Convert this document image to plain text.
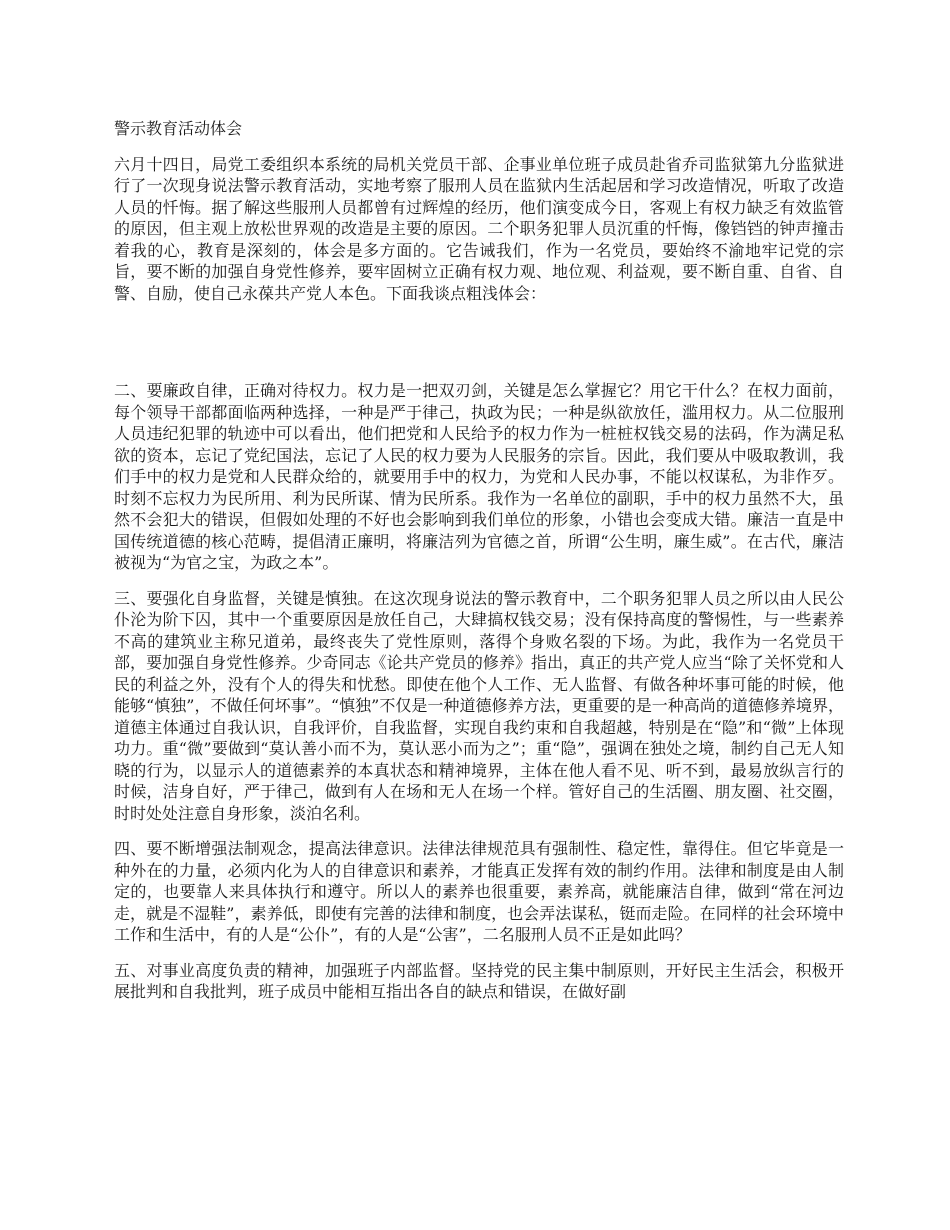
警示教育活动体会

六月十四日，局党工委组织本系统的局机关党员干部、企事业单位班子成员赴省乔司监狱第九分监狱进行了一次现身说法警示教育活动，实地考察了服刑人员在监狱内生活起居和学习改造情况，听取了改造人员的忏悔。据了解这些服刑人员都曾有过辉煌的经历，他们演变成今日，客观上有权力缺乏有效监管的原因，但主观上放松世界观的改造是主要的原因。二个职务犯罪人员沉重的忏悔，像铛铛的钟声撞击着我的心，教育是深刻的，体会是多方面的。它告诫我们，作为一名党员，要始终不渝地牢记党的宗旨，要不断的加强自身党性修养，要牢固树立正确有权力观、地位观、利益观，要不断自重、自省、自警、自励，使自己永葆共产党人本色。下面我谈点粗浅体会：

二、要廉政自律，正确对待权力。权力是一把双刃剑，关键是怎么掌握它？用它干什么？在权力面前，每个领导干部都面临两种选择，一种是严于律己，执政为民；一种是纵欲放任，滥用权力。从二位服刑人员违纪犯罪的轨迹中可以看出，他们把党和人民给予的权力作为一桩桩权钱交易的法码，作为满足私欲的资本，忘记了党纪国法，忘记了人民的权力要为人民服务的宗旨。因此，我们要从中吸取教训，我们手中的权力是党和人民群众给的，就要用手中的权力，为党和人民办事，不能以权谋私，为非作歹。时刻不忘权力为民所用、利为民所谋、情为民所系。我作为一名单位的副职，手中的权力虽然不大，虽然不会犯大的错误，但假如处理的不好也会影响到我们单位的形象，小错也会变成大错。廉洁一直是中国传统道德的核心范畴，提倡清正廉明，将廉洁列为官德之首，所谓“公生明，廉生威”。在古代，廉洁被视为“为官之宝，为政之本”。

三、要强化自身监督，关键是慎独。在这次现身说法的警示教育中，二个职务犯罪人员之所以由人民公仆沦为阶下囚，其中一个重要原因是放任自己，大肆搞权钱交易；没有保持高度的警惕性，与一些素养不高的建筑业主称兄道弟，最终丧失了党性原则，落得个身败名裂的下场。为此，我作为一名党员干部，要加强自身党性修养。少奇同志《论共产党员的修养》指出，真正的共产党人应当“除了关怀党和人民的利益之外，没有个人的得失和忧愁。即使在他个人工作、无人监督、有做各种坏事可能的时候，他能够“慎独”，不做任何坏事”。“慎独”不仅是一种道德修养方法，更重要的是一种高尚的道德修养境界，道德主体通过自我认识，自我评价，自我监督，实现自我约束和自我超越，特别是在“隐”和“微”上体现功力。重“微”要做到“莫认善小而不为，莫认恶小而为之”；重“隐”，强调在独处之境，制约自己无人知晓的行为，以显示人的道德素养的本真状态和精神境界，主体在他人看不见、听不到，最易放纵言行的时候，洁身自好，严于律己，做到有人在场和无人在场一个样。管好自己的生活圈、朋友圈、社交圈，时时处处注意自身形象，淡泊名利。

四、要不断增强法制观念，提高法律意识。法律法律规范具有强制性、稳定性，靠得住。但它毕竟是一种外在的力量，必须内化为人的自律意识和素养，才能真正发挥有效的制约作用。法律和制度是由人制定的，也要靠人来具体执行和遵守。所以人的素养也很重要，素养高，就能廉洁自律，做到“常在河边走，就是不湿鞋”，素养低，即使有完善的法律和制度，也会弄法谋私，铤而走险。在同样的社会环境中工作和生活中，有的人是“公仆”，有的人是“公害”，二名服刑人员不正是如此吗？

五、对事业高度负责的精神，加强班子内部监督。坚持党的民主集中制原则，开好民主生活会，积极开展批判和自我批判，班子成员中能相互指出各自的缺点和错误，在做好副
